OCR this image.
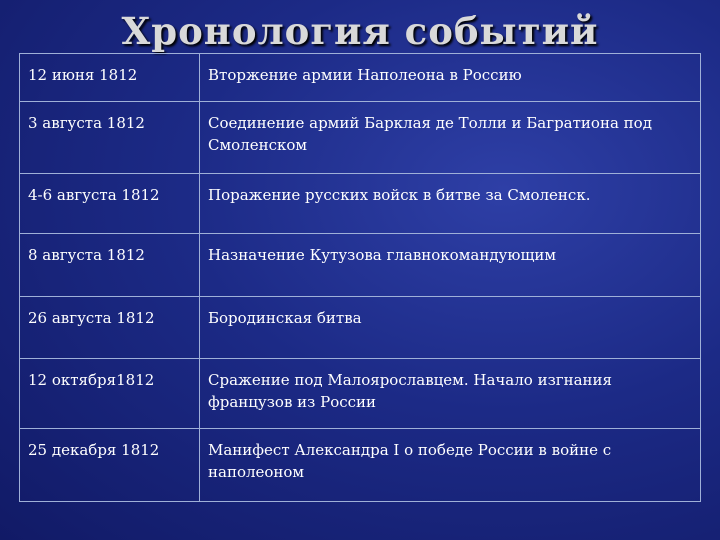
Хронология событий
12 июня 1812	Вторжение армии Наполеона в Россию
3 августа 1812	Соединение армий Барклая де Толли и Багратиона под Смоленском
4-6 августа 1812	Поражение русских войск в битве за Смоленск.
8 августа 1812	Назначение Кутузова главнокомандующим
26 августа 1812	Бородинская битва
12 октября1812	Сражение под Малоярославцем. Начало изгнания французов из России
25 декабря 1812	Манифест Александра I о победе России в войне с наполеоном
